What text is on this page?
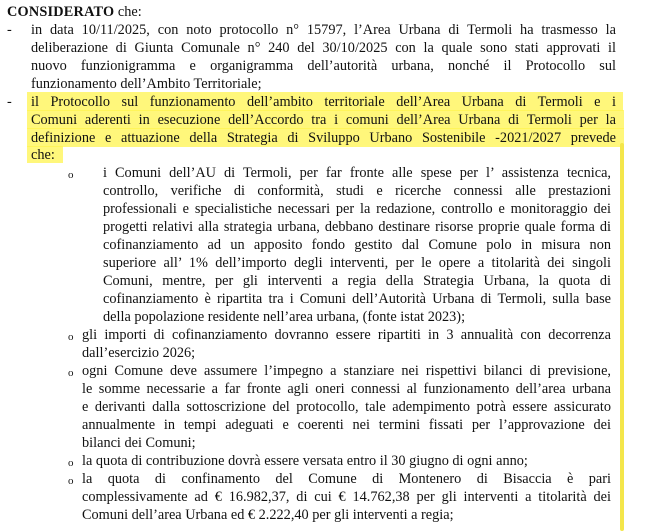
CONSIDERATO che:
- in data 10/11/2025, con noto protocollo n° 15797, l’Area Urbana di Termoli ha trasmesso la
deliberazione di Giunta Comunale n° 240 del 30/10/2025 con la quale sono stati approvati il
nuovo funzionigramma e organigramma dell’autorità urbana, nonché il Protocollo sul
funzionamento dell’Ambito Territoriale;
- il Protocollo sul funzionamento dell’ambito territoriale dell’Area Urbana di Termoli e i
Comuni aderenti in esecuzione dell’Accordo tra i comuni dell’Area Urbana di Termoli per la
definizione e attuazione della Strategia di Sviluppo Urbano Sostenibile -2021/2027 prevede
che:
o i Comuni dell’AU di Termoli, per far fronte alle spese per l’ assistenza tecnica,
controllo, verifiche di conformità, studi e ricerche connessi alle prestazioni
professionali e specialistiche necessari per la redazione, controllo e monitoraggio dei
progetti relativi alla strategia urbana, debbano destinare risorse proprie quale forma di
cofinanziamento ad un apposito fondo gestito dal Comune polo in misura non
superiore all’ 1% dell’importo degli interventi, per le opere a titolarità dei singoli
Comuni, mentre, per gli interventi a regia della Strategia Urbana, la quota di
cofinanziamento è ripartita tra i Comuni dell’Autorità Urbana di Termoli, sulla base
della popolazione residente nell’area urbana, (fonte istat 2023);
o gli importi di cofinanziamento dovranno essere ripartiti in 3 annualità con decorrenza
dall’esercizio 2026;
o ogni Comune deve assumere l’impegno a stanziare nei rispettivi bilanci di previsione,
le somme necessarie a far fronte agli oneri connessi al funzionamento dell’area urbana
e derivanti dalla sottoscrizione del protocollo, tale adempimento potrà essere assicurato
annualmente in tempi adeguati e coerenti nei termini fissati per l’approvazione dei
bilanci dei Comuni;
o la quota di contribuzione dovrà essere versata entro il 30 giugno di ogni anno;
o la quota di confinamento del Comune di Montenero di Bisaccia è pari
complessivamente ad € 16.982,37, di cui € 14.762,38 per gli interventi a titolarità dei
Comuni dell’area Urbana ed € 2.222,40 per gli interventi a regia;
